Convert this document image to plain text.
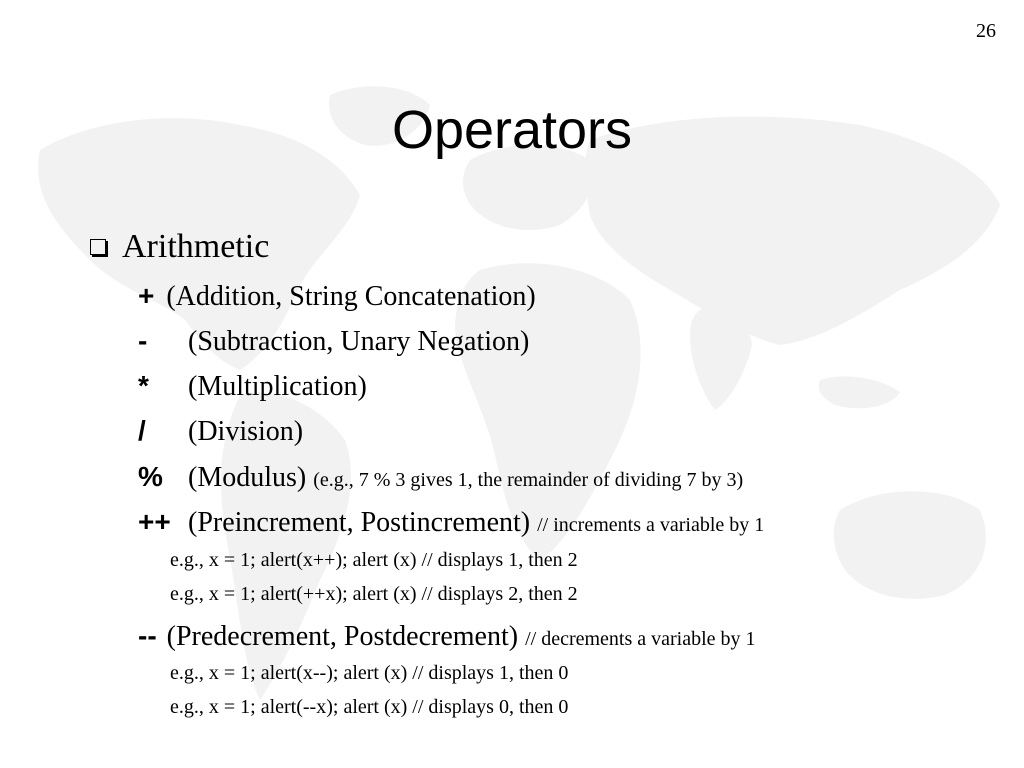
26
Operators
Arithmetic
+ (Addition, String Concatenation)
- (Subtraction, Unary Negation)
* (Multiplication)
/ (Division)
% (Modulus) (e.g., 7 % 3 gives 1, the remainder of dividing 7 by 3)
++ (Preincrement, Postincrement) // increments a variable by 1
e.g., x = 1; alert(x++); alert (x) // displays 1, then 2
e.g., x = 1; alert(++x); alert (x) // displays 2, then 2
-- (Predecrement, Postdecrement) // decrements a variable by 1
e.g., x = 1; alert(x--); alert (x) // displays 1, then 0
e.g., x = 1; alert(--x); alert (x) // displays 0, then 0
